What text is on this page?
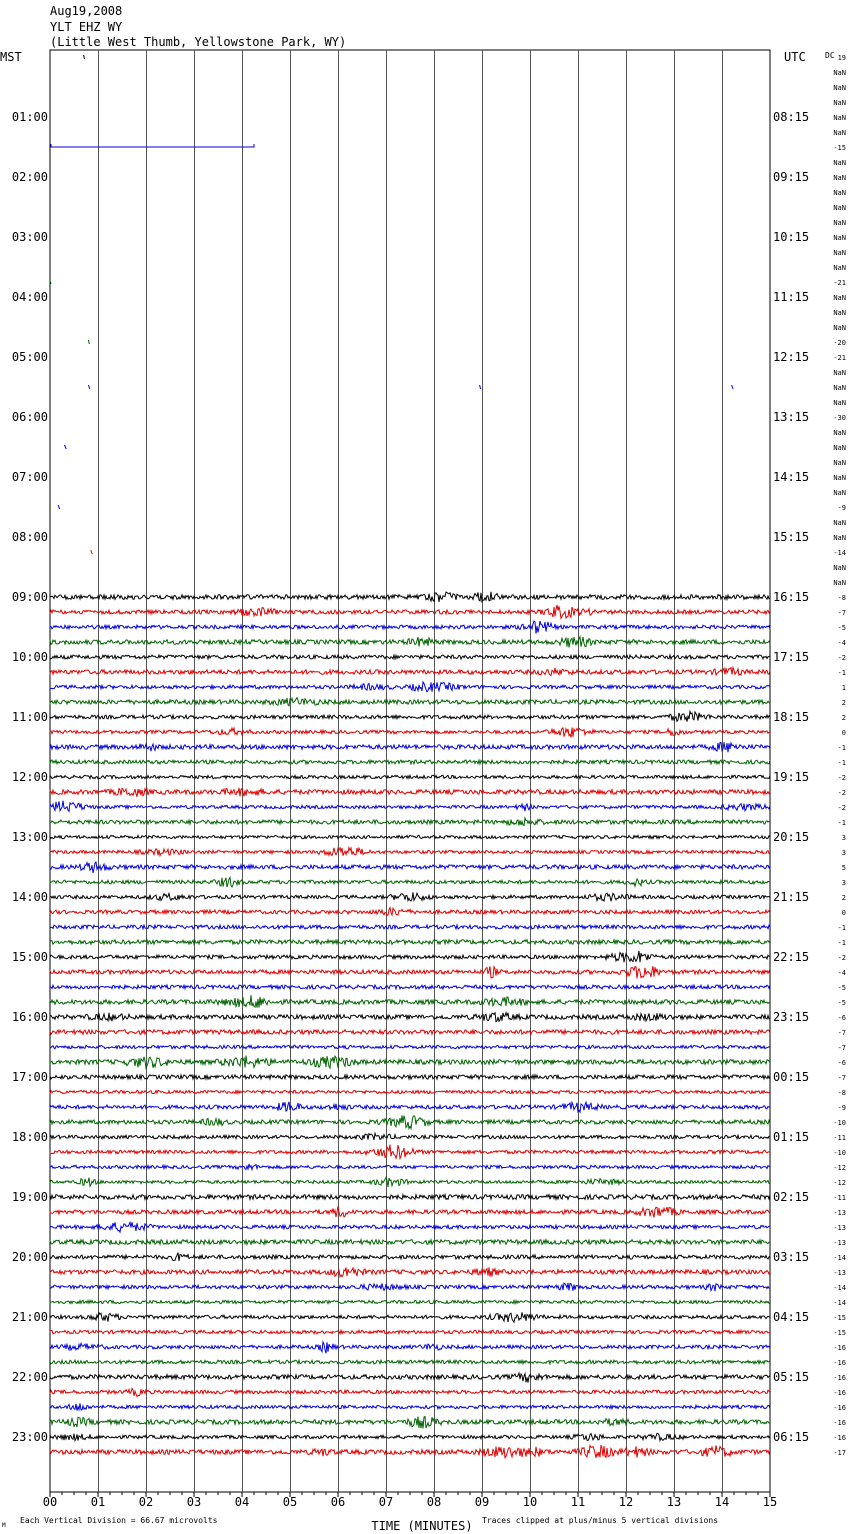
Aug19,2008
YLT EHZ WY
(Little West Thumb, Yellowstone Park, WY)
MST	UTC DC
01:00
02:00
03:00
04:00
05:00
06:00
07:00
08:00
09:00
10:00
11:00
12:00
13:00
14:00
15:00
16:00
17:00
18:00
19:00
20:00
21:00
22:00
23:00
08:15
09:15
10:15
11:15
12:15
13:15
14:15
15:15
16:15
17:15
18:15
19:15
20:15
21:15
22:15
23:15
00:15
01:15
02:15
03:15
04:15
05:15
06:15
19
NaN
NaN
NaN
NaN
NaN
-15
NaN
NaN
NaN
NaN
NaN
NaN
NaN
NaN
-21
NaN
NaN
NaN
-20
-21
NaN
NaN
NaN
-30
NaN
NaN
NaN
NaN
NaN
-9
NaN
NaN
-14
NaN
NaN
-8
-7
-5
-4
-2
-1
1
2
2
0
-1
-1
-2
-2
-2
-1
3
3
5
3
2
0
-1
-1
-2
-4
-5
-5
-6
-7
-7
-6
-7
-8
-9
-10
-11
-10
-12
-12
-11
-13
-13
-13
-14
-13
-14
-14
-15
-15
-16
-16
-16
-16
-16
-16
-16
-17
00	01	02	03	04	05	06	07	08	09	10	11	12	13	14	15
TIME (MINUTES)
Each Vertical Division = 66.67 microvolts	Traces clipped at plus/minus 5 vertical divisions
M
